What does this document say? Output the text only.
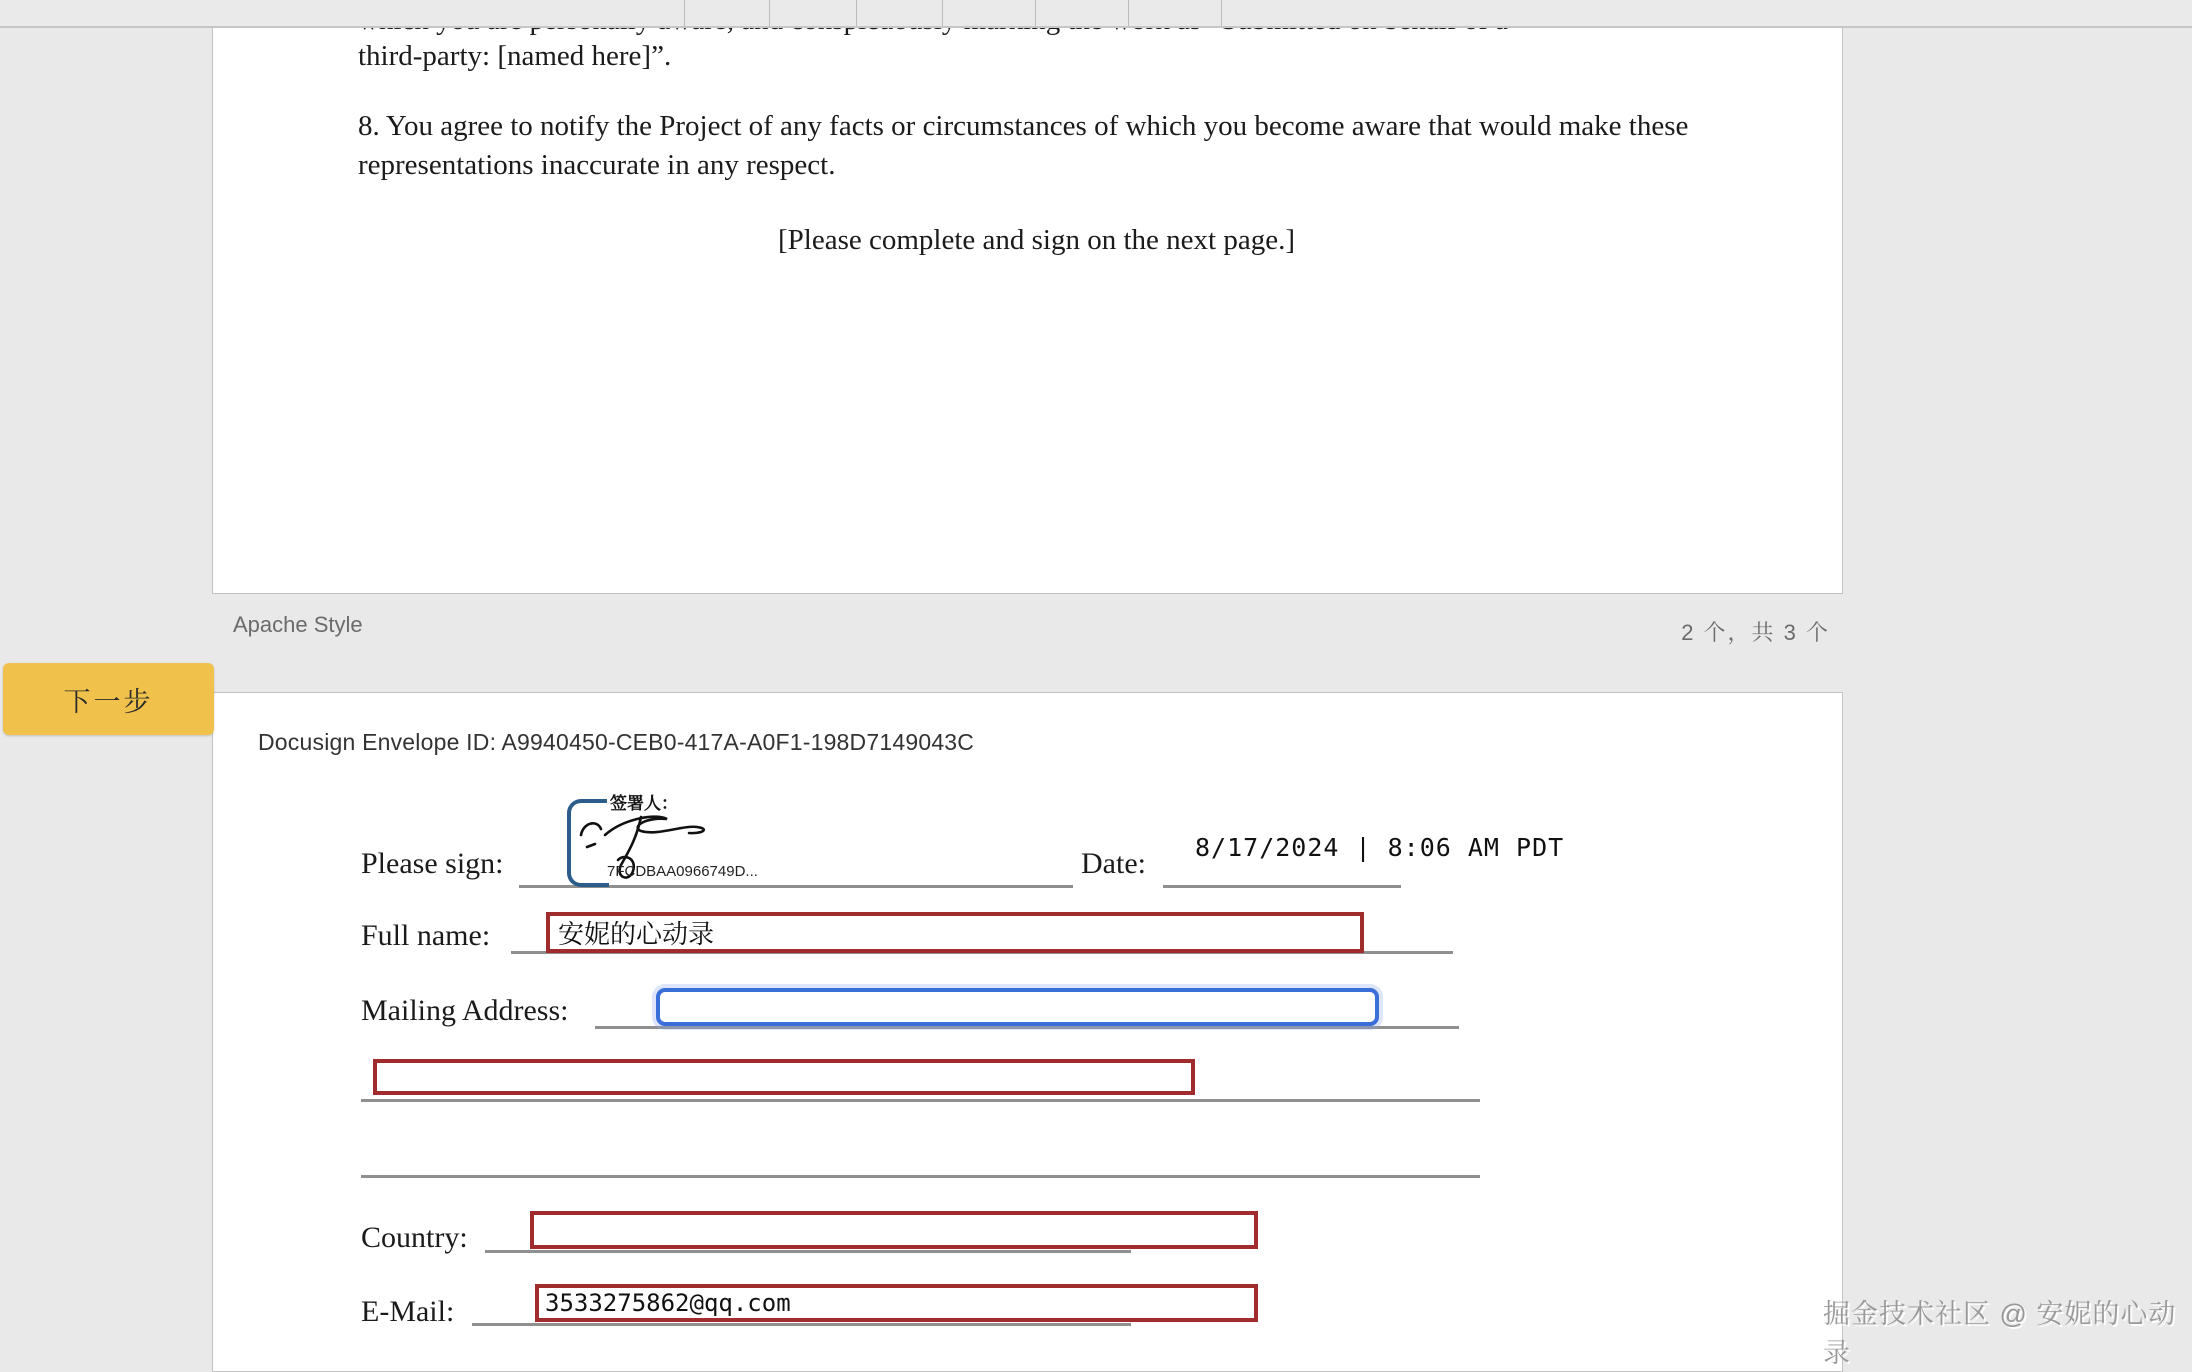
third-party: [named here]”.
8. You agree to notify the Project of any facts or circumstances of which you become aware that would make these representations inaccurate in any respect.
[Please complete and sign on the next page.]
Apache Style	2 个，共 3 个
下一步
Docusign Envelope ID: A9940450-CEB0-417A-A0F1-198D7149043C
Please sign:
签署人：
7FCDBAA0966749D...	Date: 8/17/2024 | 8:06 AM PDT
Full name:	安妮的心动录
Mailing Address:
Country:
E-Mail:	3533275862@qq.com	掘金技术社区 @ 安妮的心动录
